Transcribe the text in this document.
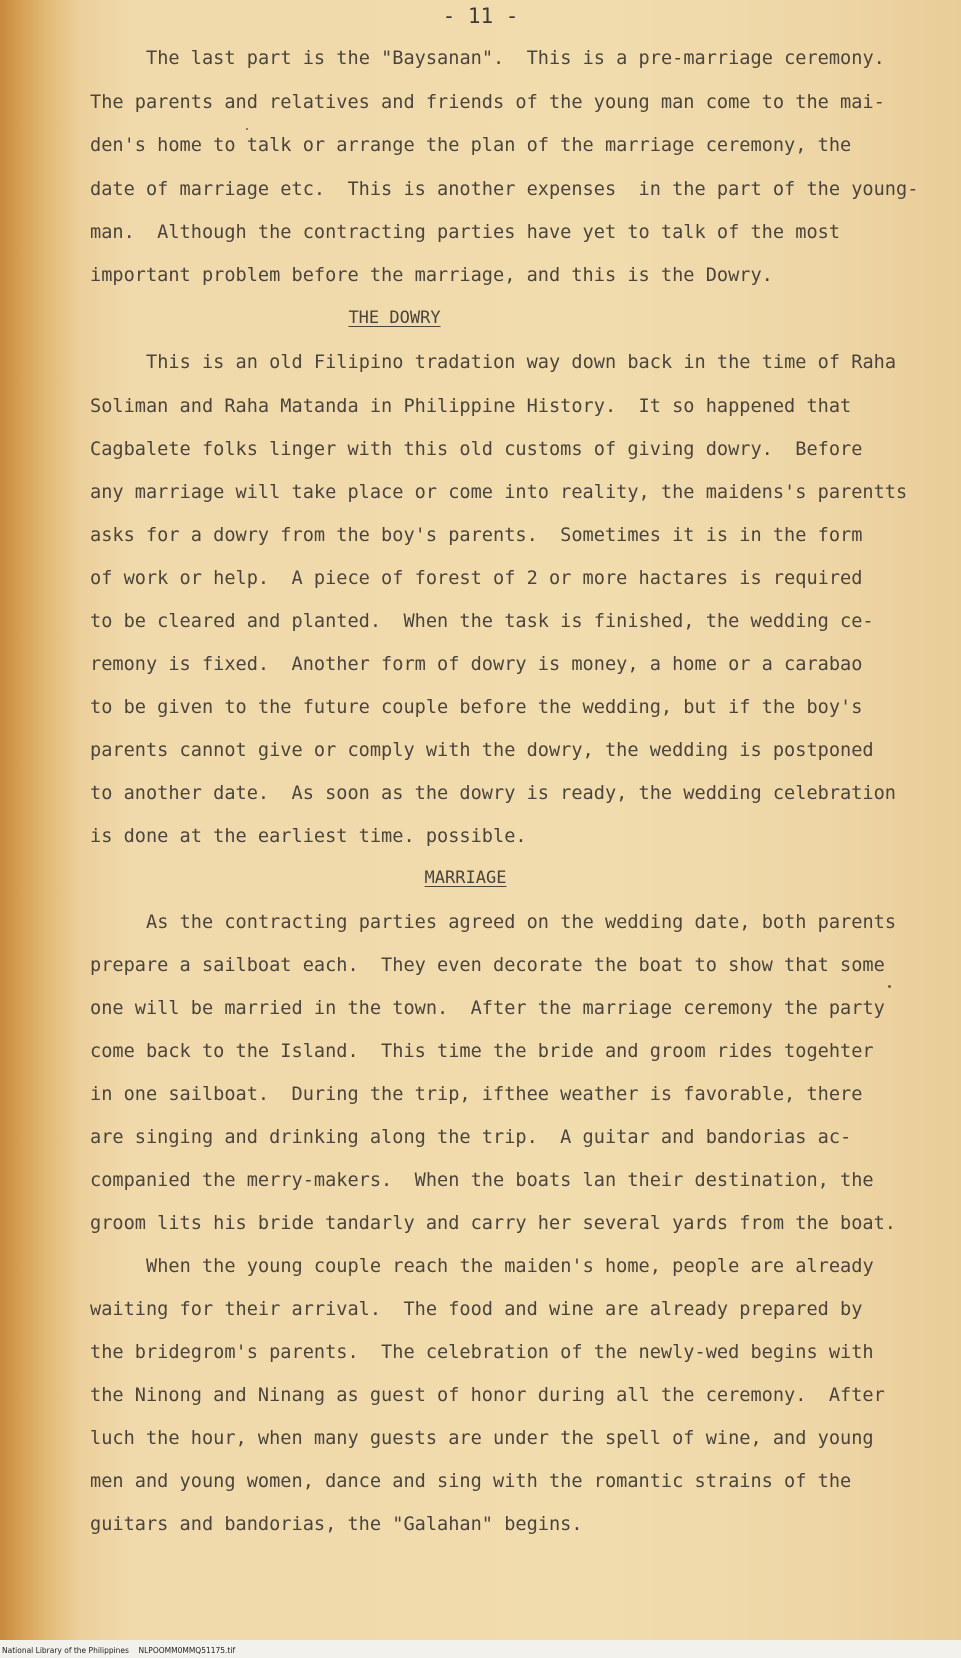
- 11 -
The last part is the "Baysanan".  This is a pre-marriage ceremony.
The parents and relatives and friends of the young man come to the mai-
den's home to talk or arrange the plan of the marriage ceremony, the
date of marriage etc.  This is another expenses  in the part of the young-
man.  Although the contracting parties have yet to talk of the most
important problem before the marriage, and this is the Dowry.
THE DOWRY
This is an old Filipino tradation way down back in the time of Raha
Soliman and Raha Matanda in Philippine History.  It so happened that
Cagbalete folks linger with this old customs of giving dowry.  Before
any marriage will take place or come into reality, the maidens's parentts
asks for a dowry from the boy's parents.  Sometimes it is in the form
of work or help.  A piece of forest of 2 or more hactares is required
to be cleared and planted.  When the task is finished, the wedding ce-
remony is fixed.  Another form of dowry is money, a home or a carabao
to be given to the future couple before the wedding, but if the boy's
parents cannot give or comply with the dowry, the wedding is postponed
to another date.  As soon as the dowry is ready, the wedding celebration
is done at the earliest time. possible.
MARRIAGE
As the contracting parties agreed on the wedding date, both parents
prepare a sailboat each.  They even decorate the boat to show that some
one will be married in the town.  After the marriage ceremony the party
come back to the Island.  This time the bride and groom rides togehter
in one sailboat.  During the trip, ifthee weather is favorable, there
are singing and drinking along the trip.  A guitar and bandorias ac-
companied the merry-makers.  When the boats lan their destination, the
groom lits his bride tandarly and carry her several yards from the boat.
When the young couple reach the maiden's home, people are already
waiting for their arrival.  The food and wine are already prepared by
the bridegrom's parents.  The celebration of the newly-wed begins with
the Ninong and Ninang as guest of honor during all the ceremony.  After
luch the hour, when many guests are under the spell of wine, and young
men and young women, dance and sing with the romantic strains of the
guitars and bandorias, the "Galahan" begins.
National Library of the Philippines NLPOOMM0MMQ51175.tif
